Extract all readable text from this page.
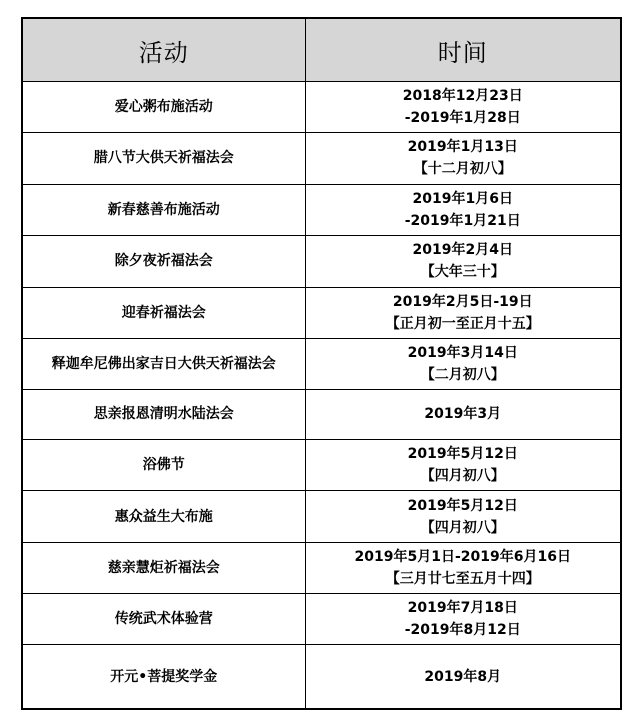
活动	时间
爱心粥布施活动	2018年12月23日
-2019年1月28日

腊八节大供天祈福法会	2019年1月13日
【十二月初八】

新春慈善布施活动	2019年1月6日
-2019年1月21日

除夕夜祈福法会	2019年2月4日
【大年三十】

迎春祈福法会	2019年2月5日-19日
【正月初一至正月十五】

释迦牟尼佛出家吉日大供天祈福法会	2019年3月14日
【二月初八】

思亲报恩清明水陆法会	2019年3月

浴佛节	2019年5月12日
【四月初八】

惠众益生大布施	2019年5月12日
【四月初八】

慈亲慧炬祈福法会	2019年5月1日-2019年6月16日
【三月廿七至五月十四】

传统武术体验营	2019年7月18日
-2019年8月12日

开元•菩提奖学金	2019年8月
